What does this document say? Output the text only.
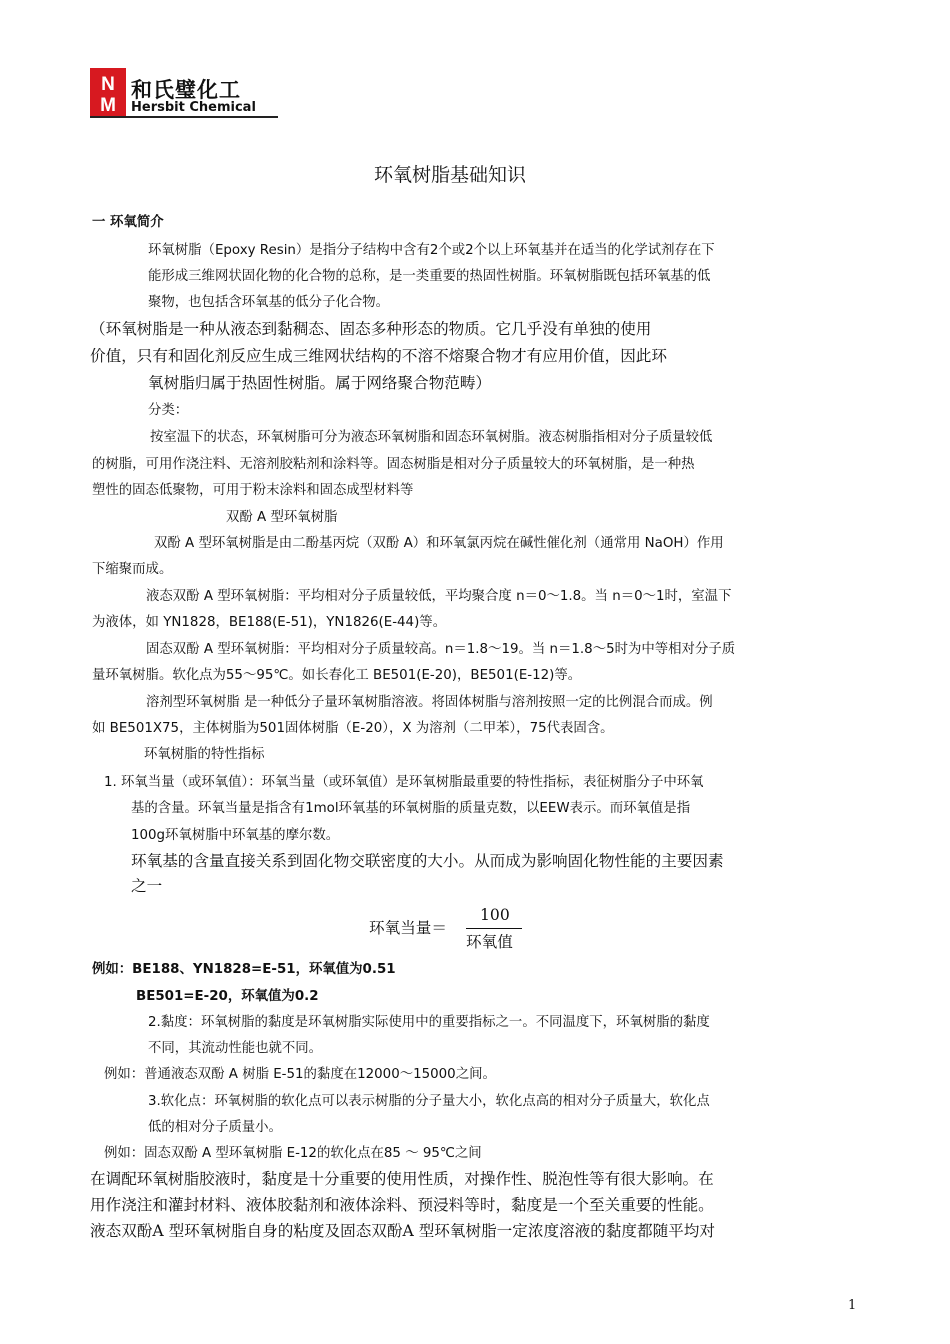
N
M
和氏璧化工
Hersbit Chemical
环氧树脂基础知识
一 环氧简介
环氧树脂（Epoxy Resin）是指分子结构中含有2个或2个以上环氧基并在适当的化学试剂存在下
能形成三维网状固化物的化合物的总称，是一类重要的热固性树脂。环氧树脂既包括环氧基的低
聚物，也包括含环氧基的低分子化合物。
（环氧树脂是一种从液态到黏稠态、固态多种形态的物质。它几乎没有单独的使用
价值，只有和固化剂反应生成三维网状结构的不溶不熔聚合物才有应用价值，因此环
氧树脂归属于热固性树脂。属于网络聚合物范畴）
分类：
按室温下的状态，环氧树脂可分为液态环氧树脂和固态环氧树脂。液态树脂指相对分子质量较低
的树脂，可用作浇注料、无溶剂胶粘剂和涂料等。固态树脂是相对分子质量较大的环氧树脂，是一种热
塑性的固态低聚物，可用于粉末涂料和固态成型材料等
双酚 A 型环氧树脂
双酚 A 型环氧树脂是由二酚基丙烷（双酚 A）和环氧氯丙烷在碱性催化剂（通常用 NaOH）作用
下缩聚而成。
液态双酚 A 型环氧树脂：平均相对分子质量较低，平均聚合度 n＝0～1.8。当 n＝0～1时，室温下
为液体，如 YN1828，BE188(E-51)，YN1826(E-44)等。
固态双酚 A 型环氧树脂：平均相对分子质量较高。n＝1.8～19。当 n＝1.8～5时为中等相对分子质
量环氧树脂。软化点为55～95℃。如长春化工 BE501(E-20)，BE501(E-12)等。
溶剂型环氧树脂 是一种低分子量环氧树脂溶液。将固体树脂与溶剂按照一定的比例混合而成。例
如 BE501X75，主体树脂为501固体树脂（E-20），X 为溶剂（二甲苯），75代表固含。
环氧树脂的特性指标
1. 环氧当量（或环氧值）：环氧当量（或环氧值）是环氧树脂最重要的特性指标，表征树脂分子中环氧
基的含量。环氧当量是指含有1mol环氧基的环氧树脂的质量克数，以EEW表示。而环氧值是指
100g环氧树脂中环氧基的摩尔数。
环氧基的含量直接关系到固化物交联密度的大小。从而成为影响固化物性能的主要因素
之一
环氧当量＝
100
环氧值
例如：BE188、YN1828=E-51，环氧值为0.51
BE501=E-20，环氧值为0.2
2.黏度：环氧树脂的黏度是环氧树脂实际使用中的重要指标之一。不同温度下，环氧树脂的黏度
不同，其流动性能也就不同。
例如：普通液态双酚 A 树脂 E-51的黏度在12000～15000之间。
3.软化点：环氧树脂的软化点可以表示树脂的分子量大小，软化点高的相对分子质量大，软化点
低的相对分子质量小。
例如：固态双酚 A 型环氧树脂 E-12的软化点在85 ～ 95℃之间
在调配环氧树脂胶液时，黏度是十分重要的使用性质，对操作性、脱泡性等有很大影响。在
用作浇注和灌封材料、液体胶黏剂和液体涂料、预浸料等时，黏度是一个至关重要的性能。
液态双酚A 型环氧树脂自身的粘度及固态双酚A 型环氧树脂一定浓度溶液的黏度都随平均对
1
